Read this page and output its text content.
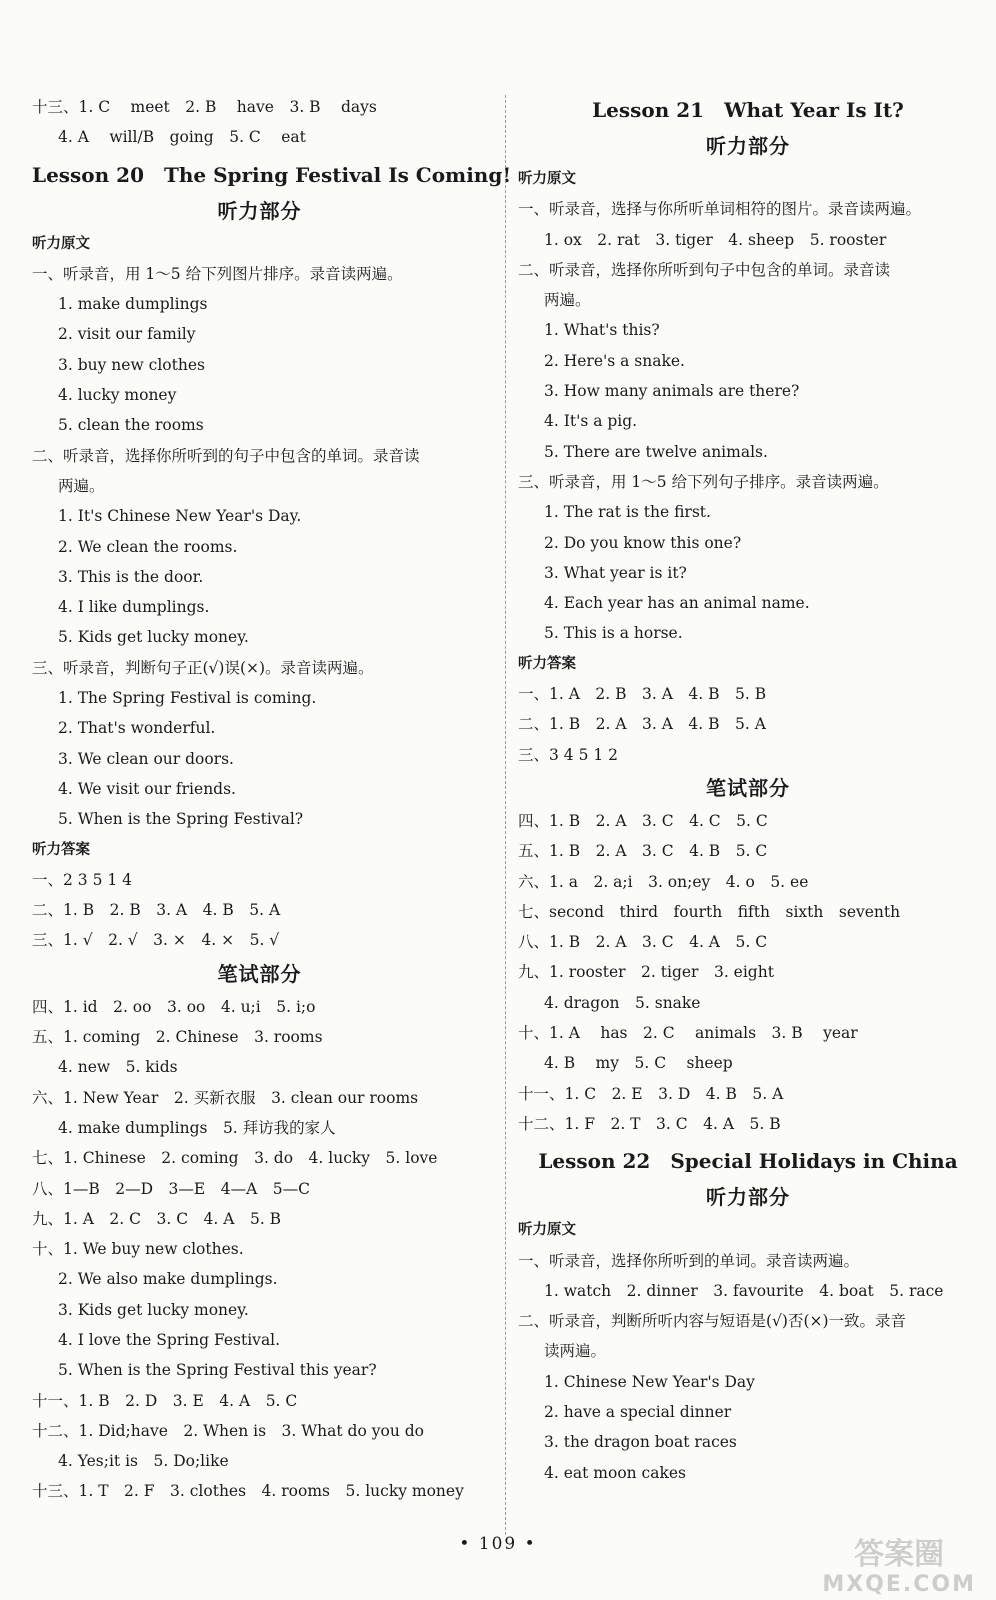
十三、1. C　 meet　2. B　 have　3. B　 days
4. A　 will/B　going　5. C　 eat
Lesson 20　The Spring Festival Is Coming!
听力部分
听力原文
一、听录音，用 1～5 给下列图片排序。录音读两遍。
1. make dumplings
2. visit our family
3. buy new clothes
4. lucky money
5. clean the rooms
二、听录音，选择你所听到的句子中包含的单词。录音读
两遍。
1. It's Chinese New Year's Day.
2. We clean the rooms.
3. This is the door.
4. I like dumplings.
5. Kids get lucky money.
三、听录音，判断句子正(√)误(×)。录音读两遍。
1. The Spring Festival is coming.
2. That's wonderful.
3. We clean our doors.
4. We visit our friends.
5. When is the Spring Festival?
听力答案
一、2 3 5 1 4
二、1. B　2. B　3. A　4. B　5. A
三、1. √　2. √　3. ×　4. ×　5. √
笔试部分
四、1. id　2. oo　3. oo　4. u;i　5. i;o
五、1. coming　2. Chinese　3. rooms
4. new　5. kids
六、1. New Year　2. 买新衣服　3. clean our rooms
4. make dumplings　5. 拜访我的家人
七、1. Chinese　2. coming　3. do　4. lucky　5. love
八、1—B　2—D　3—E　4—A　5—C
九、1. A　2. C　3. C　4. A　5. B
十、1. We buy new clothes.
2. We also make dumplings.
3. Kids get lucky money.
4. I love the Spring Festival.
5. When is the Spring Festival this year?
十一、1. B　2. D　3. E　4. A　5. C
十二、1. Did;have　2. When is　3. What do you do
4. Yes;it is　5. Do;like
十三、1. T　2. F　3. clothes　4. rooms　5. lucky money
Lesson 21　What Year Is It?
听力部分
听力原文
一、听录音，选择与你所听单词相符的图片。录音读两遍。
1. ox　2. rat　3. tiger　4. sheep　5. rooster
二、听录音，选择你所听到句子中包含的单词。录音读
两遍。
1. What's this?
2. Here's a snake.
3. How many animals are there?
4. It's a pig.
5. There are twelve animals.
三、听录音，用 1～5 给下列句子排序。录音读两遍。
1. The rat is the first.
2. Do you know this one?
3. What year is it?
4. Each year has an animal name.
5. This is a horse.
听力答案
一、1. A　2. B　3. A　4. B　5. B
二、1. B　2. A　3. A　4. B　5. A
三、3 4 5 1 2
笔试部分
四、1. B　2. A　3. C　4. C　5. C
五、1. B　2. A　3. C　4. B　5. C
六、1. a　2. a;i　3. on;ey　4. o　5. ee
七、second　third　fourth　fifth　sixth　seventh
八、1. B　2. A　3. C　4. A　5. C
九、1. rooster　2. tiger　3. eight
4. dragon　5. snake
十、1. A　 has　2. C　 animals　3. B　 year
4. B　 my　5. C　 sheep
十一、1. C　2. E　3. D　4. B　5. A
十二、1. F　2. T　3. C　4. A　5. B
Lesson 22　Special Holidays in China
听力部分
听力原文
一、听录音，选择你所听到的单词。录音读两遍。
1. watch　2. dinner　3. favourite　4. boat　5. race
二、听录音，判断所听内容与短语是(√)否(×)一致。录音
读两遍。
1. Chinese New Year's Day
2. have a special dinner
3. the dragon boat races
4. eat moon cakes
• 109 •	答案圈
MXQE.COM
